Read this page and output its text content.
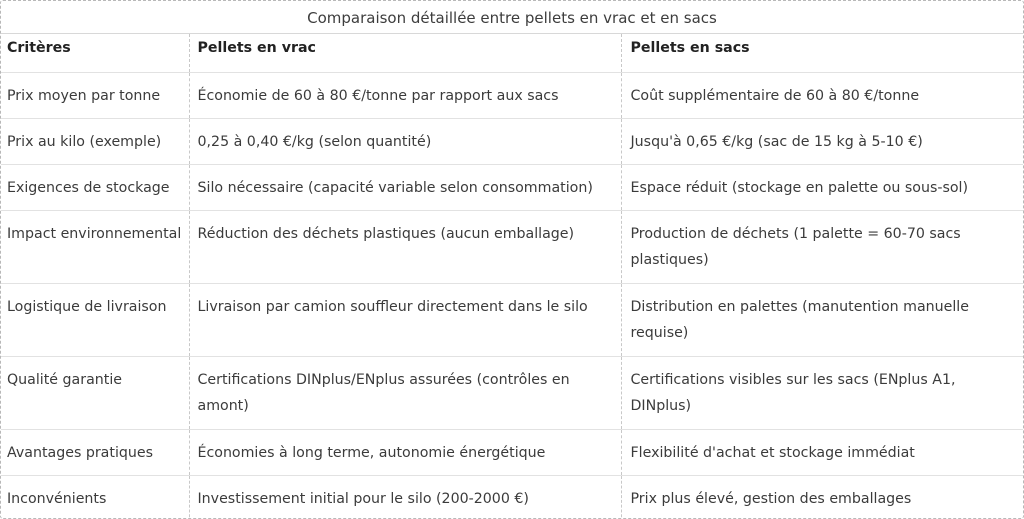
Comparaison détaillée entre pellets en vrac et en sacs
Critères	Pellets en vrac	Pellets en sacs
Prix moyen par tonne	Économie de 60 à 80 €/tonne par rapport aux sacs	Coût supplémentaire de 60 à 80 €/tonne
Prix au kilo (exemple)	0,25 à 0,40 €/kg (selon quantité)	Jusqu'à 0,65 €/kg (sac de 15 kg à 5-10 €)
Exigences de stockage	Silo nécessaire (capacité variable selon consommation)	Espace réduit (stockage en palette ou sous-sol)
Impact environnemental	Réduction des déchets plastiques (aucun emballage)	Production de déchets (1 palette = 60-70 sacs plastiques)
Logistique de livraison	Livraison par camion souffleur directement dans le silo	Distribution en palettes (manutention manuelle requise)
Qualité garantie	Certifications DINplus/ENplus assurées (contrôles en amont)	Certifications visibles sur les sacs (ENplus A1, DINplus)
Avantages pratiques	Économies à long terme, autonomie énergétique	Flexibilité d'achat et stockage immédiat
Inconvénients	Investissement initial pour le silo (200-2000 €)	Prix plus élevé, gestion des emballages
